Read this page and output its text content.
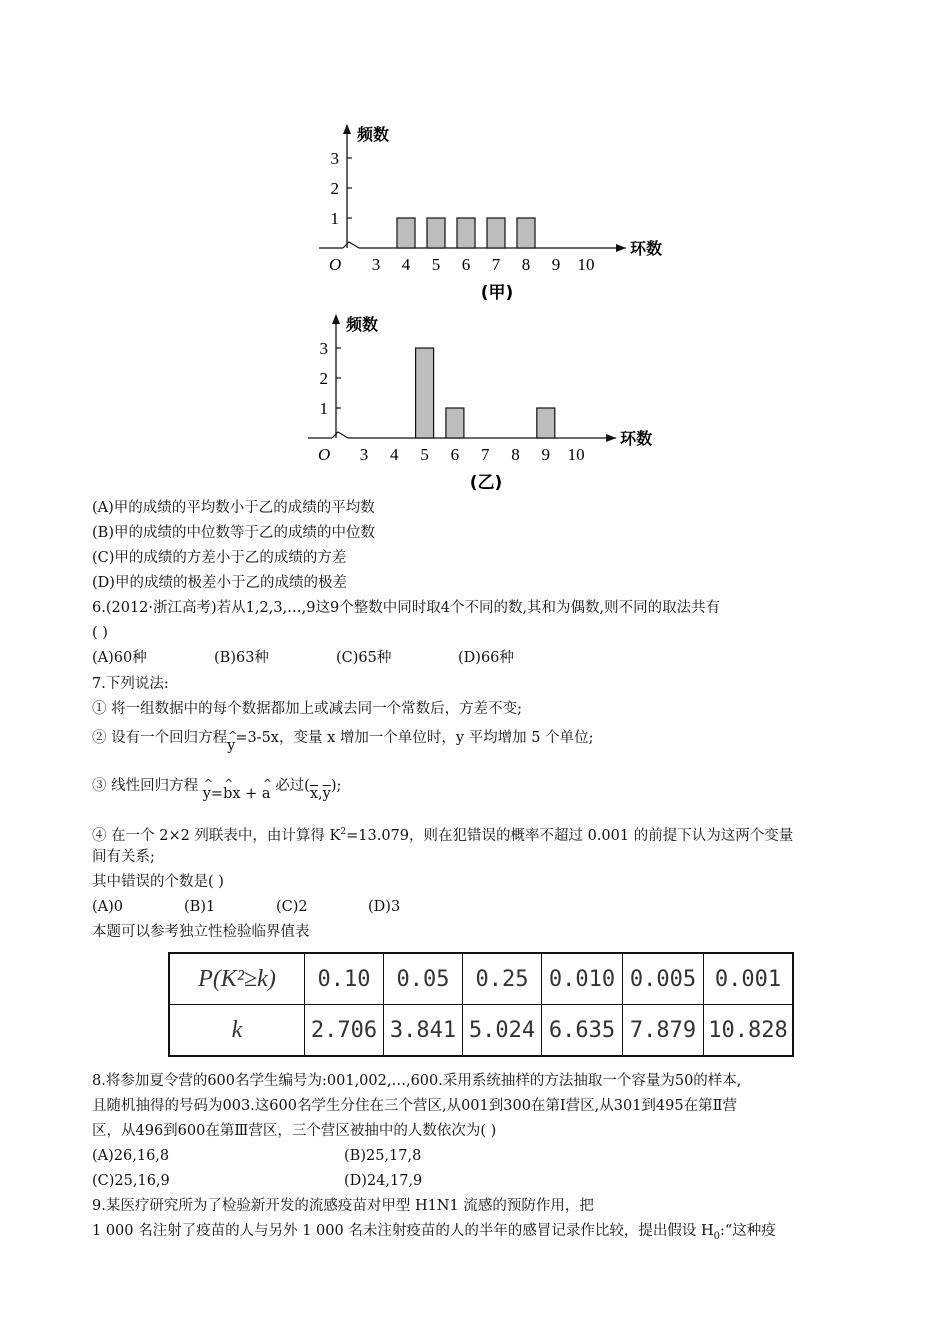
频数
环数
O
(甲)
1
2
3
3 4 5 6 7 8 9 10
频数
环数
O
(乙)
1
2
3
3 4 5 6 7 8 9 10
(A)甲的成绩的平均数小于乙的成绩的平均数
(B)甲的成绩的中位数等于乙的成绩的中位数
(C)甲的成绩的方差小于乙的成绩的方差
(D)甲的成绩的极差小于乙的成绩的极差
6.(2012·浙江高考)若从1,2,3,…,9这9个整数中同时取4个不同的数,其和为偶数,则不同的取法共有
( )
(A)60种	(B)63种	(C)65种	(D)66种
7.下列说法:
① 将一组数据中的每个数据都加上或减去同一个常数后，方差不变;
② 设有一个回归方程^ y=3-5x，变量 x 增加一个单位时，y 平均增加 5 个单位;
③ 线性回归方程 ^ y=^ bx + ^ a 必过$(\overline{x},\overline{y})$;
④ 在一个 2×2 列联表中，由计算得 $K^2=13.079$，则在犯错误的概率不超过 0.001 的前提下认为这两个变量
间有关系;
其中错误的个数是( )
(A)0	(B)1	(C)2	(D)3
本题可以参考独立性检验临界值表
P(K²≥k)	0.10	0.05	0.25	0.010	0.005	0.001
k	2.706	3.841	5.024	6.635	7.879	10.828
8.将参加夏令营的600名学生编号为:001,002,…,600.采用系统抽样的方法抽取一个容量为50的样本,
且随机抽得的号码为003.这600名学生分住在三个营区,从001到300在第Ⅰ营区,从301到495在第Ⅱ营
区，从496到600在第Ⅲ营区，三个营区被抽中的人数依次为( )
(A)26,16,8	(B)25,17,8
(C)25,16,9	(D)24,17,9
9.某医疗研究所为了检验新开发的流感疫苗对甲型 H1N1 流感的预防作用，把
1 000 名注射了疫苗的人与另外 1 000 名未注射疫苗的人的半年的感冒记录作比较，提出假设 $H_0:“$这种疫
